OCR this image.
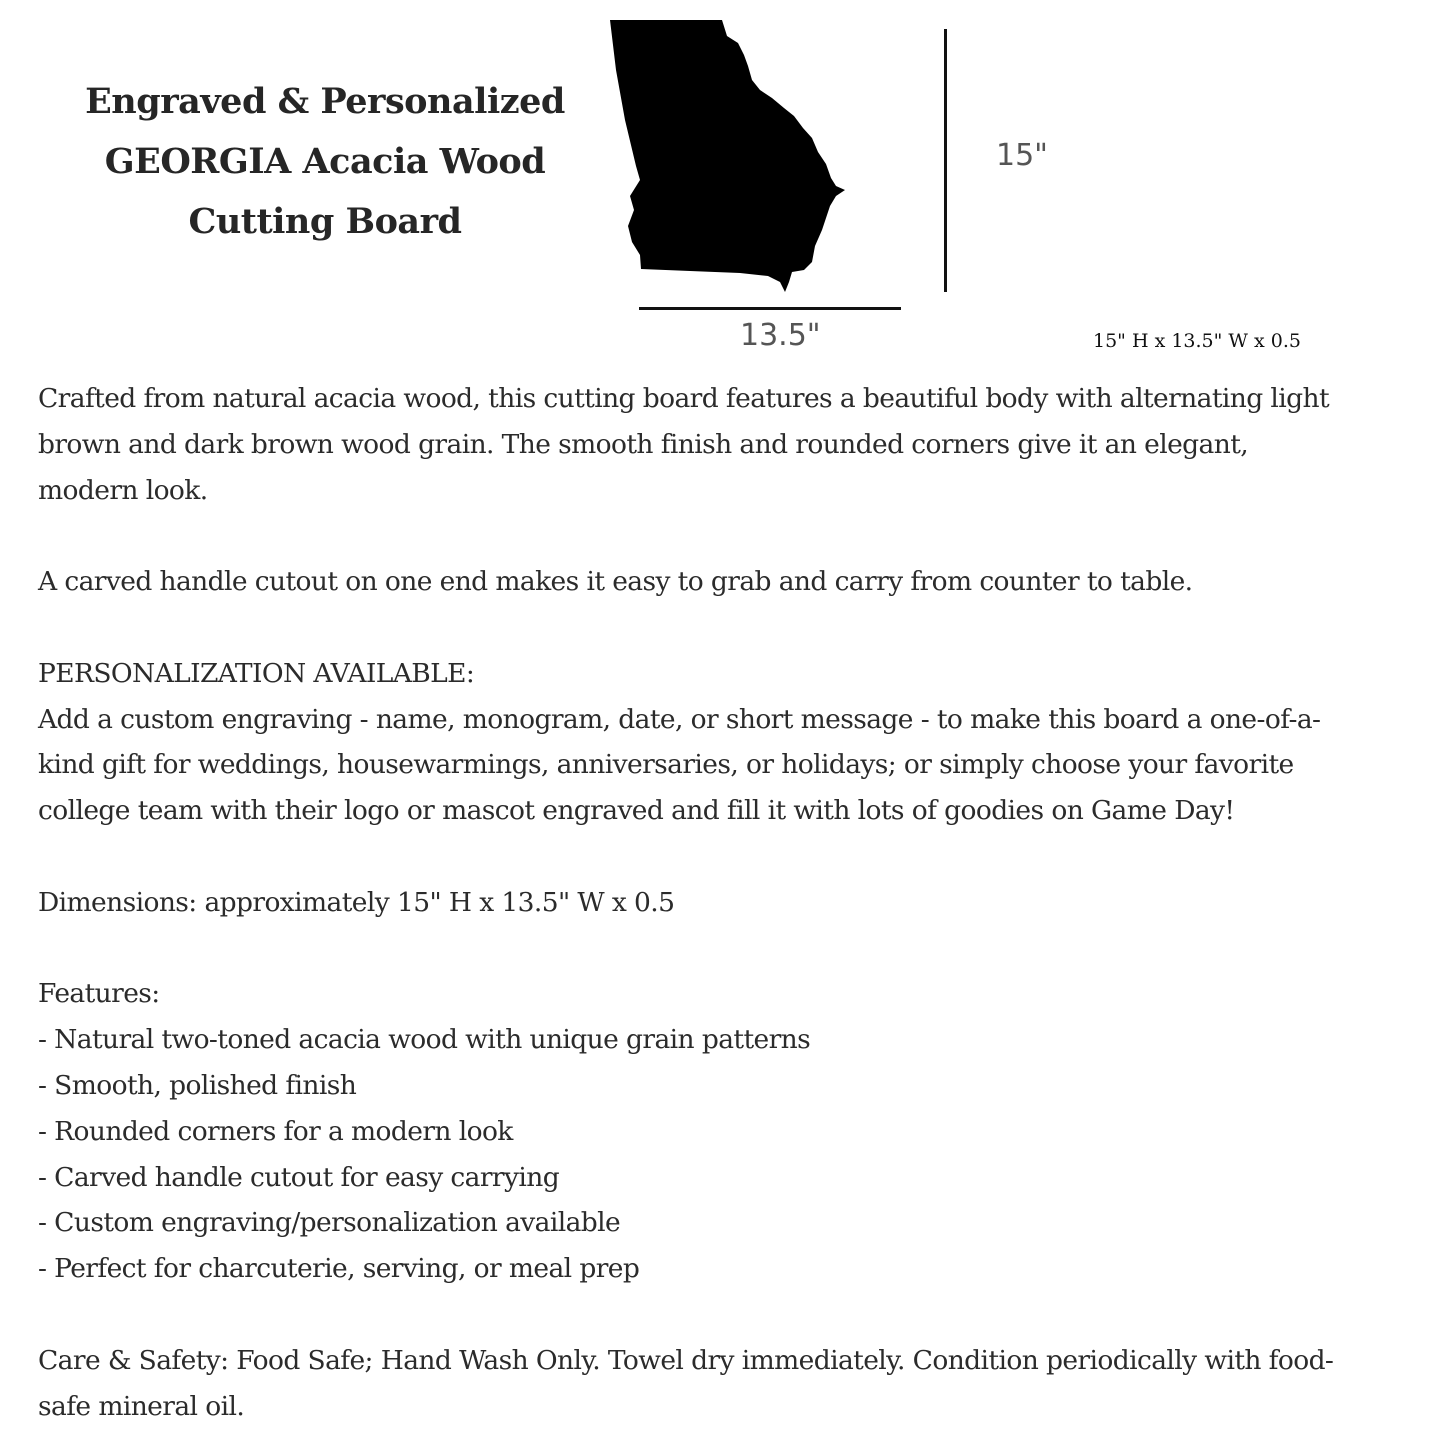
Engraved & Personalized
GEORGIA Acacia Wood
Cutting Board
15"
13.5"	15" H x 13.5" W x 0.5

Crafted from natural acacia wood, this cutting board features a beautiful body with alternating light

brown and dark brown wood grain. The smooth finish and rounded corners give it an elegant,

modern look.

A carved handle cutout on one end makes it easy to grab and carry from counter to table.

PERSONALIZATION AVAILABLE:

Add a custom engraving - name, monogram, date, or short message - to make this board a one-of-a-

kind gift for weddings, housewarmings, anniversaries, or holidays; or simply choose your favorite

college team with their logo or mascot engraved and fill it with lots of goodies on Game Day!

Dimensions: approximately 15" H x 13.5" W x 0.5

Features:

- Natural two-toned acacia wood with unique grain patterns

- Smooth, polished finish

- Rounded corners for a modern look

- Carved handle cutout for easy carrying

- Custom engraving/personalization available

- Perfect for charcuterie, serving, or meal prep

Care & Safety: Food Safe; Hand Wash Only. Towel dry immediately. Condition periodically with food-

safe mineral oil.
